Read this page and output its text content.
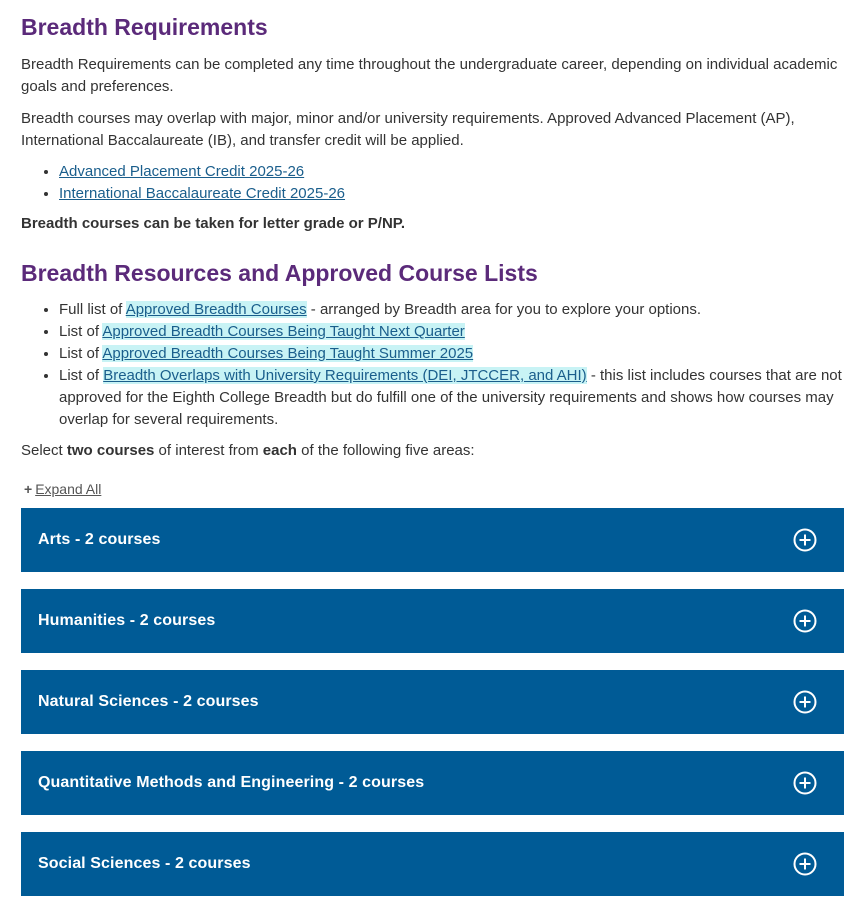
Breadth Requirements

Breadth Requirements can be completed any time throughout the undergraduate career, depending on individual academic goals and preferences.

Breadth courses may overlap with major, minor and/or university requirements. Approved Advanced Placement (AP), International Baccalaureate (IB), and transfer credit will be applied.

• Advanced Placement Credit 2025-26
• International Baccalaureate Credit 2025-26

Breadth courses can be taken for letter grade or P/NP.

Breadth Resources and Approved Course Lists
• Full list of Approved Breadth Courses - arranged by Breadth area for you to explore your options.
• List of Approved Breadth Courses Being Taught Next Quarter
• List of Approved Breadth Courses Being Taught Summer 2025
• List of Breadth Overlaps with University Requirements (DEI, JTCCER, and AHI) - this list includes courses that are not approved for the Eighth College Breadth but do fulfill one of the university requirements and shows how courses may overlap for several requirements.

Select two courses of interest from each of the following five areas:

+ Expand All
Arts - 2 courses
Humanities - 2 courses
Natural Sciences - 2 courses
Quantitative Methods and Engineering - 2 courses
Social Sciences - 2 courses
